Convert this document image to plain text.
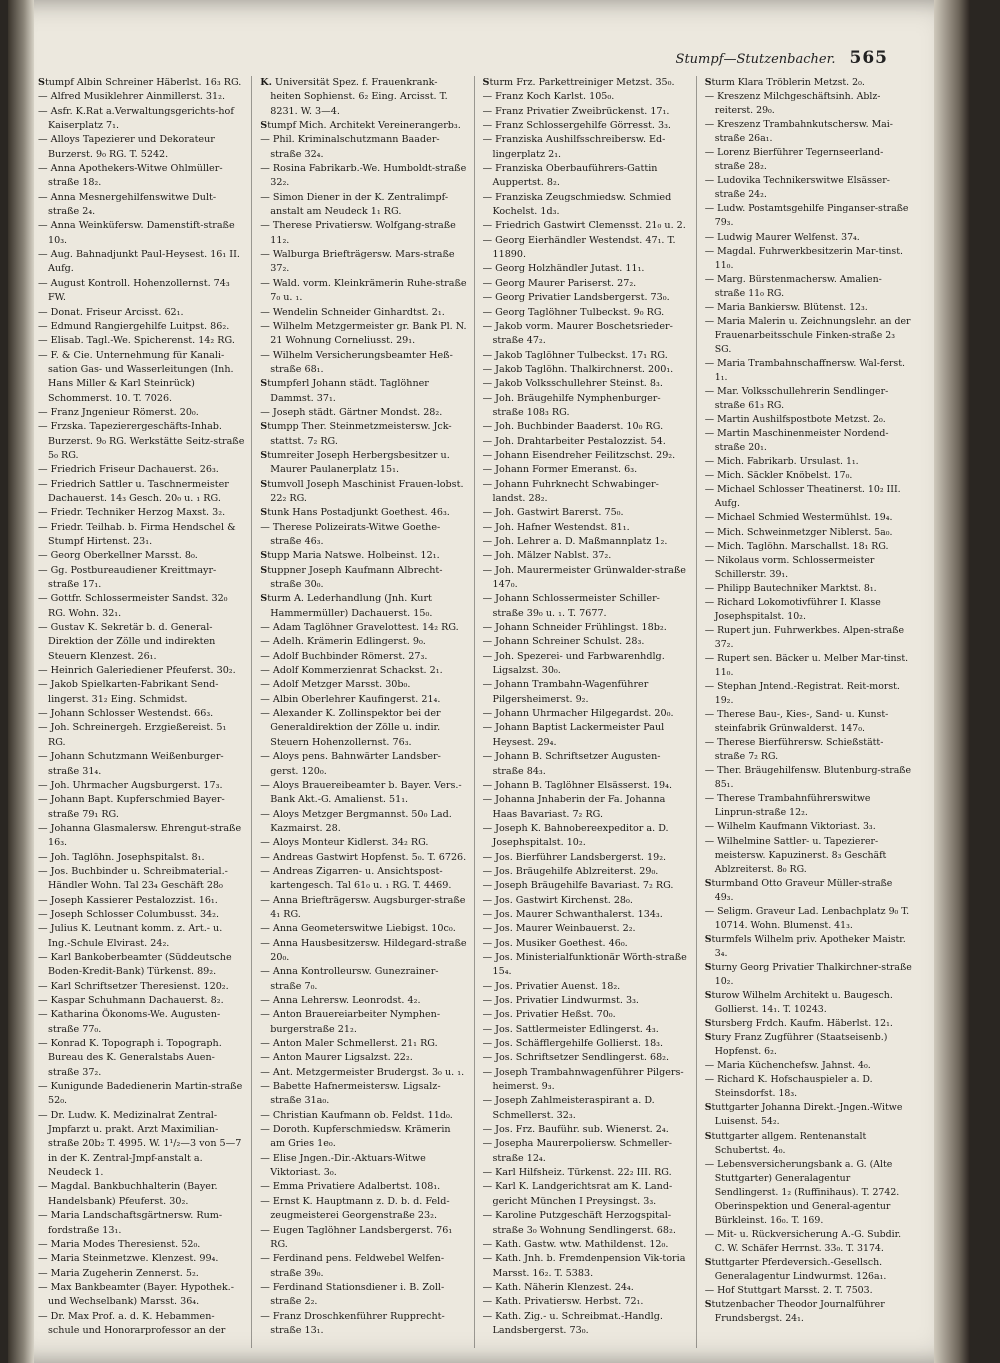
Stumpf—Stutzenbacher. 565

Stumpf Albin Schreiner Häberlst. 16₃ RG.

— Alfred Musiklehrer Ainmillerst. 31₂.

— Asfr. K.Rat a.Verwaltungsgerichts-hof Kaiserplatz 7₁.

— Alloys Tapezierer und Dekorateur Burzerst. 9₀ RG. T. 5242.

— Anna Apothekers-Witwe Ohlmüller-straße 18₂.

— Anna Mesnergehilfenswitwe Dult-straße 2₄.

— Anna Weinküfersw. Damenstift-straße 10₃.

— Aug. Bahnadjunkt Paul-Heysest. 16₁ II. Aufg.

— August Kontroll. Hohenzollernst. 74₃ FW.

— Donat. Friseur Arcisst. 62₁.

— Edmund Rangiergehilfe Luitpst. 86₂.

— Elisab. Tagl.-We. Spicherenst. 14₂ RG.

— F. & Cie. Unternehmung für Kanali-sation Gas- und Wasserleitungen (Inh. Hans Miller & Karl Steinrück) Schommerst. 10. T. 7026.

— Franz Jngenieur Römerst. 20₀.

— Frzska. Tapezierergeschäfts-Inhab. Burzerst. 9₀ RG. Werkstätte Seitz-straße 5₀ RG.

— Friedrich Friseur Dachauerst. 26₃.

— Friedrich Sattler u. Taschnermeister Dachauerst. 14₃ Gesch. 20₀ u. ₁ RG.

— Friedr. Techniker Herzog Maxst. 3₂.

— Friedr. Teilhab. b. Firma Hendschel & Stumpf Hirtenst. 23₁.

— Georg Oberkellner Marsst. 8₀.

— Gg. Postbureaudiener Kreittmayr-straße 17₁.

— Gottfr. Schlossermeister Sandst. 32₀ RG. Wohn. 32₁.

— Gustav K. Sekretär b. d. General-Direktion der Zölle und indirekten Steuern Klenzest. 26₁.

— Heinrich Galeriediener Pfeuferst. 30₂.

— Jakob Spielkarten-Fabrikant Send-lingerst. 31₂ Eing. Schmidst.

— Johann Schlosser Westendst. 66₃.

— Joh. Schreinergeh. Erzgießereist. 5₁ RG.

— Johann Schutzmann Weißenburger-straße 31₄.

— Joh. Uhrmacher Augsburgerst. 17₃.

— Johann Bapt. Kupferschmied Bayer-straße 79₁ RG.

— Johanna Glasmalersw. Ehrengut-straße 16₃.

— Joh. Taglöhn. Josephspitalst. 8₁.

— Jos. Buchbinder u. Schreibmaterial.-Händler Wohn. Tal 23₄ Geschäft 28₀

— Joseph Kassierer Pestalozzist. 16₁.

— Joseph Schlosser Columbusst. 34₂.

— Julius K. Leutnant komm. z. Art.- u. Ing.-Schule Elvirast. 24₂.

— Karl Bankoberbeamter (Süddeutsche Boden-Kredit-Bank) Türkenst. 89₂.

— Karl Schriftsetzer Theresienst. 120₂.

— Kaspar Schuhmann Dachauerst. 8₂.

— Katharina Ökonoms-We. Augusten-straße 77₀.

— Konrad K. Topograph i. Topograph. Bureau des K. Generalstabs Auen-straße 37₂.

— Kunigunde Badedienerin Martin-straße 52₀.

— Dr. Ludw. K. Medizinalrat Zentral-Jmpfarzt u. prakt. Arzt Maximilian-straße 20b₂ T. 4995. W. 1¹/₂—3 von 5—7 in der K. Zentral-Jmpf-anstalt a. Neudeck 1.

— Magdal. Bankbuchhalterin (Bayer. Handelsbank) Pfeuferst. 30₂.

— Maria Landschaftsgärtnersw. Rum-fordstraße 13₁.

— Maria Modes Theresienst. 52₀.

— Maria Steinmetzwe. Klenzest. 99₄.

— Maria Zugeherin Zennerst. 5₂.

— Max Bankbeamter (Bayer. Hypothek.- und Wechselbank) Marsst. 36₄.

— Dr. Max Prof. a. d. K. Hebammen-schule und Honorarprofessor an der

K. Universität Spez. f. Frauenkrank-heiten Sophienst. 6₂ Eing. Arcisst. T. 8231. W. 3—4.

Stumpf Mich. Architekt Vereinerangerb₃.

— Phil. Kriminalschutzmann Baader-straße 32₄.

— Rosina Fabrikarb.-We. Humboldt-straße 32₂.

— Simon Diener in der K. Zentralimpf-anstalt am Neudeck 1₁ RG.

— Therese Privatiersw. Wolfgang-straße 11₂.

— Walburga Briefträgersw. Mars-straße 37₂.

— Wald. vorm. Kleinkrämerin Ruhe-straße 7₀ u. ₁.

— Wendelin Schneider Ginhardtst. 2₁.

— Wilhelm Metzgermeister gr. Bank Pl. N. 21 Wohnung Corneliusst. 29₁.

— Wilhelm Versicherungsbeamter Heß-straße 68₁.

Stumpferl Johann städt. Taglöhner Dammst. 37₁.

— Joseph städt. Gärtner Mondst. 28₂.

Stumpp Ther. Steinmetzmeistersw. Jck-stattst. 7₂ RG.

Stumreiter Joseph Herbergsbesitzer u. Maurer Paulanerplatz 15₁.

Stumvoll Joseph Maschinist Frauen-lobst. 22₂ RG.

Stunk Hans Postadjunkt Goethest. 46₃.

— Therese Polizeirats-Witwe Goethe-straße 46₃.

Stupp Maria Natswe. Holbeinst. 12₁.

Stuppner Joseph Kaufmann Albrecht-straße 30₀.

Sturm A. Lederhandlung (Jnh. Kurt Hammermüller) Dachauerst. 15₀.

— Adam Taglöhner Gravelottest. 14₂ RG.

— Adelh. Krämerin Edlingerst. 9₀.

— Adolf Buchbinder Römerst. 27₃.

— Adolf Kommerzienrat Schackst. 2₁.

— Adolf Metzger Marsst. 30b₀.

— Albin Oberlehrer Kaufingerst. 21₄.

— Alexander K. Zollinspektor bei der Generaldirektion der Zölle u. indir. Steuern Hohenzollernst. 76₃.

— Aloys pens. Bahnwärter Landsber-gerst. 120₀.

— Aloys Brauereibeamter b. Bayer. Vers.-Bank Akt.-G. Amalienst. 51₁.

— Aloys Metzger Bergmannst. 50₀ Lad. Kazmairst. 28.

— Aloys Monteur Kidlerst. 34₂ RG.

— Andreas Gastwirt Hopfenst. 5₀. T. 6726.

— Andreas Zigarren- u. Ansichtspost-kartengesch. Tal 61₀ u. ₁ RG. T. 4469.

— Anna Briefträgersw. Augsburger-straße 4₁ RG.

— Anna Geometerswitwe Liebigst. 10c₀.

— Anna Hausbesitzersw. Hildegard-straße 20₀.

— Anna Kontrolleursw. Gunezrainer-straße 7₀.

— Anna Lehrersw. Leonrodst. 4₂.

— Anton Brauereiarbeiter Nymphen-burgerstraße 21₂.

— Anton Maler Schmellerst. 21₁ RG.

— Anton Maurer Ligsalzst. 22₂.

— Ant. Metzgermeister Brudergst. 3₀ u. ₁.

— Babette Hafnermeistersw. Ligsalz-straße 31a₀.

— Christian Kaufmann ob. Feldst. 11d₀.

— Doroth. Kupferschmiedsw. Krämerin am Gries 1e₀.

— Elise Jngen.-Dir.-Aktuars-Witwe Viktoriast. 3₀.

— Emma Privatiere Adalbertst. 108₁.

— Ernst K. Hauptmann z. D. b. d. Feld-zeugmeisterei Georgenstraße 23₂.

— Eugen Taglöhner Landsbergerst. 76₁ RG.

— Ferdinand pens. Feldwebel Welfen-straße 39₀.

— Ferdinand Stationsdiener i. B. Zoll-straße 2₂.

— Franz Droschkenführer Rupprecht-straße 13₁.

Sturm Frz. Parkettreiniger Metzst. 35₀.

— Franz Koch Karlst. 105₀.

— Franz Privatier Zweibrückenst. 17₁.

— Franz Schlossergehilfe Görresst. 3₃.

— Franziska Aushilfsschreibersw. Ed-lingerplatz 2₁.

— Franziska Oberbauführers-Gattin Auppertst. 8₂.

— Franziska Zeugschmiedsw. Schmied Kochelst. 1d₃.

— Friedrich Gastwirt Clemensst. 21₀ u. 2.

— Georg Eierhändler Westendst. 47₁. T. 11890.

— Georg Holzhändler Jutast. 11₁.

— Georg Maurer Pariserst. 27₂.

— Georg Privatier Landsbergerst. 73₀.

— Georg Taglöhner Tulbeckst. 9₀ RG.

— Jakob vorm. Maurer Boschetsrieder-straße 47₂.

— Jakob Taglöhner Tulbeckst. 17₁ RG.

— Jakob Taglöhn. Thalkirchnerst. 200₁.

— Jakob Volksschullehrer Steinst. 8₃.

— Joh. Bräugehilfe Nymphenburger-straße 108₃ RG.

— Joh. Buchbinder Baaderst. 10₀ RG.

— Joh. Drahtarbeiter Pestalozzist. 54.

— Johann Eisendreher Feilitzschst. 29₂.

— Johann Former Emeranst. 6₃.

— Johann Fuhrknecht Schwabinger-landst. 28₂.

— Joh. Gastwirt Barerst. 75₀.

— Joh. Hafner Westendst. 81₁.

— Joh. Lehrer a. D. Maßmannplatz 1₂.

— Joh. Mälzer Nablst. 37₂.

— Joh. Maurermeister Grünwalder-straße 147₀.

— Johann Schlossermeister Schiller-straße 39₀ u. ₁. T. 7677.

— Johann Schneider Frühlingst. 18b₂.

— Johann Schreiner Schulst. 28₃.

— Joh. Spezerei- und Farbwarenhdlg. Ligsalzst. 30₀.

— Johann Trambahn-Wagenführer Pilgersheimerst. 9₂.

— Johann Uhrmacher Hilgegardst. 20₀.

— Johann Baptist Lackermeister Paul Heysest. 29₄.

— Johann B. Schriftsetzer Augusten-straße 84₃.

— Johann B. Taglöhner Elsässerst. 19₄.

— Johanna Jnhaberin der Fa. Johanna Haas Bavariast. 7₂ RG.

— Joseph K. Bahnobereexpeditor a. D. Josephspitalst. 10₂.

— Jos. Bierführer Landsbergerst. 19₂.

— Jos. Bräugehilfe Ablzreiterst. 29₀.

— Joseph Bräugehilfe Bavariast. 7₂ RG.

— Jos. Gastwirt Kirchenst. 28₀.

— Jos. Maurer Schwanthalerst. 134₃.

— Jos. Maurer Weinbauerst. 2₂.

— Jos. Musiker Goethest. 46₀.

— Jos. Ministerialfunktionär Wörth-straße 15₄.

— Jos. Privatier Auenst. 18₂.

— Jos. Privatier Lindwurmst. 3₃.

— Jos. Privatier Heßst. 70₀.

— Jos. Sattlermeister Edlingerst. 4₃.

— Jos. Schäfflergehilfe Gollierst. 18₃.

— Jos. Schriftsetzer Sendlingerst. 68₂.

— Joseph Trambahnwagenführer Pilgers-heimerst. 9₃.

— Joseph Zahlmeisteraspirant a. D. Schmellerst. 32₃.

— Jos. Frz. Bauführ. sub. Wienerst. 2₄.

— Josepha Maurerpoliersw. Schmeller-straße 12₄.

— Karl Hilfsheiz. Türkenst. 22₂ III. RG.

— Karl K. Landgerichtsrat am K. Land-gericht München I Preysingst. 3₃.

— Karoline Putzgeschäft Herzogspital-straße 3₀ Wohnung Sendlingerst. 68₂.

— Kath. Gastw. wtw. Mathildenst. 12₀.

— Kath. Jnh. b. Fremdenpension Vik-toria Marsst. 16₂. T. 5383.

— Kath. Näherin Klenzest. 24₄.

— Kath. Privatiersw. Herbst. 72₁.

— Kath. Zig.- u. Schreibmat.-Handlg. Landsbergerst. 73₀.

Sturm Klara Tröblerin Metzst. 2₀.

— Kreszenz Milchgeschäftsinh. Ablz-reiterst. 29₀.

— Kreszenz Trambahnkutschersw. Mai-straße 26a₁.

— Lorenz Bierführer Tegernseerland-straße 28₂.

— Ludovika Technikerswitwe Elsässer-straße 24₂.

— Ludw. Postamtsgehilfe Pinganser-straße 79₃.

— Ludwig Maurer Welfenst. 37₄.

— Magdal. Fuhrwerkbesitzerin Mar-tinst. 11₀.

— Marg. Bürstenmachersw. Amalien-straße 11₀ RG.

— Maria Bankiersw. Blütenst. 12₃.

— Maria Malerin u. Zeichnungslehr. an der Frauenarbeitsschule Finken-straße 2₃ SG.

— Maria Trambahnschaffnersw. Wal-ferst. 1₁.

— Mar. Volksschullehrerin Sendlinger-straße 61₃ RG.

— Martin Aushilfspostbote Metzst. 2₀.

— Martin Maschinenmeister Nordend-straße 20₁.

— Mich. Fabrikarb. Ursulast. 1₁.

— Mich. Säckler Knöbelst. 17₀.

— Michael Schlosser Theatinerst. 10₂ III. Aufg.

— Michael Schmied Westermühlst. 19₄.

— Mich. Schweinmetzger Niblerst. 5a₀.

— Mich. Taglöhn. Marschallst. 18₁ RG.

— Nikolaus vorm. Schlossermeister Schillerstr. 39₁.

— Philipp Bautechniker Marktst. 8₁.

— Richard Lokomotivführer I. Klasse Josephspitalst. 10₂.

— Rupert jun. Fuhrwerkbes. Alpen-straße 37₂.

— Rupert sen. Bäcker u. Melber Mar-tinst. 11₀.

— Stephan Jntend.-Registrat. Reit-morst. 19₂.

— Therese Bau-, Kies-, Sand- u. Kunst-steinfabrik Grünwalderst. 147₀.

— Therese Bierführersw. Schießstätt-straße 7₂ RG.

— Ther. Bräugehilfensw. Blutenburg-straße 85₁.

— Therese Trambahnführerswitwe Linprun-straße 12₂.

— Wilhelm Kaufmann Viktoriast. 3₃.

— Wilhelmine Sattler- u. Tapezierer-meistersw. Kapuzinerst. 8₃ Geschäft Ablzreiterst. 8₀ RG.

Sturmband Otto Graveur Müller-straße 49₃.

— Seligm. Graveur Lad. Lenbachplatz 9₀ T. 10714. Wohn. Blumenst. 41₃.

Sturmfels Wilhelm priv. Apotheker Maistr. 3₄.

Sturny Georg Privatier Thalkirchner-straße 10₂.

Sturow Wilhelm Architekt u. Baugesch. Gollierst. 14₁. T. 10243.

Stursberg Frdch. Kaufm. Häberlst. 12₁.

Stury Franz Zugführer (Staatseisenb.) Hopfenst. 6₂.

— Maria Küchenchefsw. Jahnst. 4₀.

— Richard K. Hofschauspieler a. D. Steinsdorfst. 18₃.

Stuttgarter Johanna Direkt.-Jngen.-Witwe Luisenst. 54₂.

Stuttgarter allgem. Rentenanstalt Schubertst. 4₀.

— Lebensversicherungsbank a. G. (Alte Stuttgarter) Generalagentur Sendlingerst. 1₂ (Ruffinihaus). T. 2742. Oberinspektion und General-agentur Bürkleinst. 16₀. T. 169.

— Mit- u. Rückversicherung A.-G. Subdir. C. W. Schäfer Herrnst. 33₀. T. 3174.

Stuttgarter Pferdeversich.-Gesellsch. Generalagentur Lindwurmst. 126a₁.

— Hof Stuttgart Marsst. 2. T. 7503.

Stutzenbacher Theodor Journalführer Frundsbergst. 24₁.
